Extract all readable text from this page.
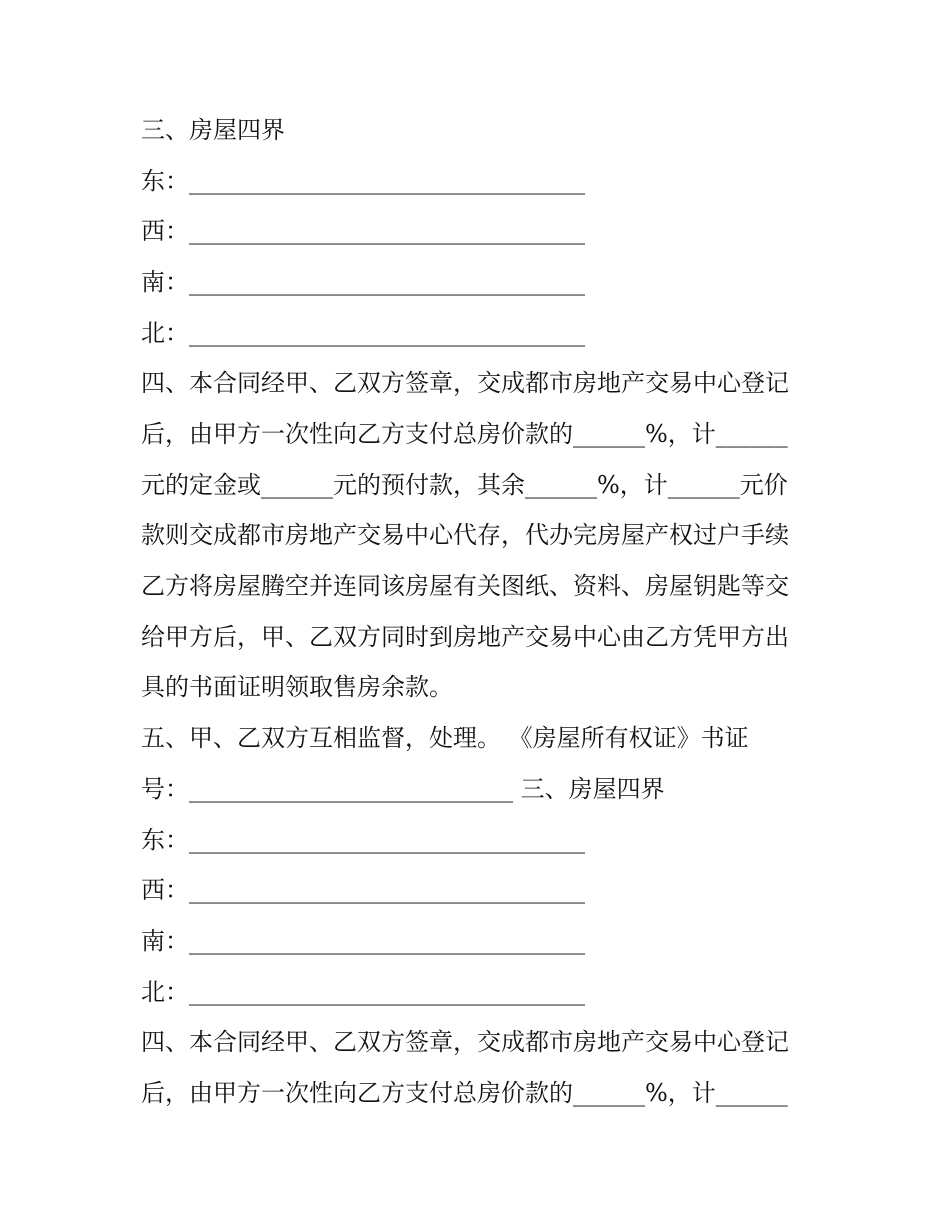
三、房屋四界
东：_________________________________
西：_________________________________
南：_________________________________
北：_________________________________
四、本合同经甲、乙双方签章，交成都市房地产交易中心登记
后，由甲方一次性向乙方支付总房价款的______%，计______
元的定金或______元的预付款，其余______%，计______元价
款则交成都市房地产交易中心代存，代办完房屋产权过户手续
乙方将房屋腾空并连同该房屋有关图纸、资料、房屋钥匙等交
给甲方后，甲、乙双方同时到房地产交易中心由乙方凭甲方出
具的书面证明领取售房余款。
五、甲、乙双方互相监督，处理。 《房屋所有权证》书证
号：___________________________ 三、房屋四界
东：_________________________________
西：_________________________________
南：_________________________________
北：_________________________________
四、本合同经甲、乙双方签章，交成都市房地产交易中心登记
后，由甲方一次性向乙方支付总房价款的______%，计______
